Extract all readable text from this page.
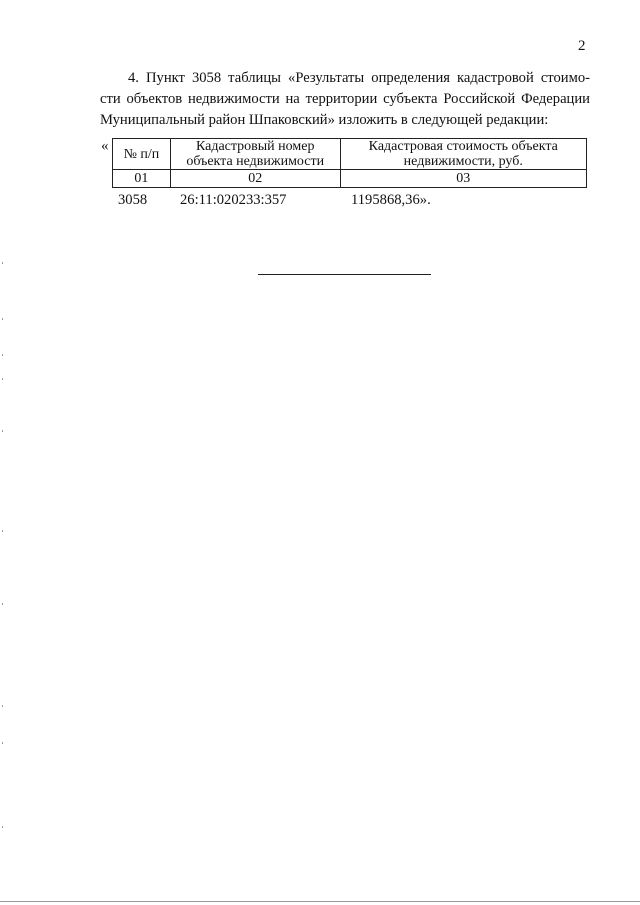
2
4. Пункт 3058 таблицы «Результаты определения кадастровой стоимо-
сти объектов недвижимости на территории субъекта Российской Федерации
Муниципальный район Шпаковский» изложить в следующей редакции:
« № п/п	Кадастровый номер объекта недвижимости	Кадастровая стоимость объекта недвижимости, руб.
01	02	03
3058 26:11:020233:357	1195868,36».
